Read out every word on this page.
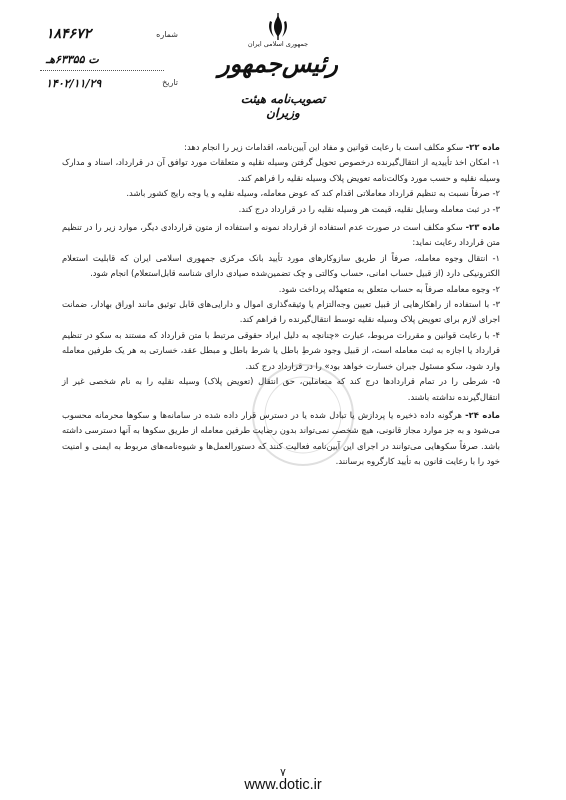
جمهوری اسلامی ایران
رئیس‌جمهور
تصویب‌نامه هیئت وزیران
۱۸۴۶۷۲	شماره
ت ۶۳۳۵۵هـ
۱۴۰۲/۱۱/۲۹	تاریخ

ماده ۲۲- سکو مکلف است با رعایت قوانین و مفاد این آیین‌نامه، اقدامات زیر را انجام دهد:

۱- امکان اخذ تأییدیه از انتقال‌گیرنده درخصوص تحویل گرفتن وسیله نقلیه و متعلقات مورد توافق آن در قرارداد، اسناد و مدارک وسیله نقلیه و حسب مورد وکالت‌نامه تعویض پلاک وسیله نقلیه را فراهم کند.

۲- صرفاً نسبت به تنظیم قرارداد معاملاتی اقدام کند که عوض معامله، وسیله نقلیه و یا وجه رایج کشور باشد.

۳- در ثبت معامله وسایل نقلیه، قیمت هر وسیله نقلیه را در قرارداد درج کند.

ماده ۲۳- سکو مکلف است در صورت عدم استفاده از قرارداد نمونه و استفاده از متون قراردادی دیگر، موارد زیر را در تنظیم متن قرارداد رعایت نماید:

۱- انتقال وجوه معامله، صرفاً از طریق سازوکارهای مورد تأیید بانک مرکزی جمهوری اسلامی ایران که قابلیت استعلام الکترونیکی دارد (از قبیل حساب امانی، حساب وکالتی و چک تضمین‌شده صیادی دارای شناسه قابل‌استعلام) انجام شود.

۲- وجوه معامله صرفاً به حساب متعلق به متعهدٌله پرداخت شود.

۳- با استفاده از راهکارهایی از قبیل تعیین وجه‌التزام یا وثیقه‌گذاری اموال و دارایی‌های قابل توثیق مانند اوراق بهادار، ضمانت اجرای لازم برای تعویض پلاک وسیله نقلیه توسط انتقال‌گیرنده را فراهم کند.

۴- با رعایت قوانین و مقررات مربوط، عبارت «چنانچه به دلیل ایراد حقوقی مرتبط با متن قرارداد که مستند به سکو در تنظیم قرارداد یا اجازه به ثبت معامله است، از قبیل وجود شرطِ باطل یا شرط باطل و مبطل عقد، خسارتی به هر یک طرفین معامله وارد شود، سکو مسئول جبران خسارت خواهد بود» را در قرارداد درج کند.

۵- شرطی را در تمام قراردادها درج کند که متعاملین، حق انتقال (تعویض پلاک) وسیله نقلیه را به نام شخصی غیر از انتقال‌گیرنده نداشته باشند.

ماده ۲۴- هرگونه داده ذخیره یا پردازش یا تبادل شده یا در دسترس قرار داده شده در سامانه‌ها و سکوها محرمانه محسوب می‌شود و به جز موارد مجاز قانونی، هیچ شخصی نمی‌تواند بدون رضایت طرفین معامله از طریق سکوها به آنها دسترسی داشته باشد. صرفاً سکوهایی می‌توانند در اجرای این آیین‌نامه فعالیت کنند که دستورالعمل‌ها و شیوه‌نامه‌های مربوط به ایمنی و امنیت خود را با رعایت قانون به تأیید کارگروه برسانند.

۷
www.dotic.ir
